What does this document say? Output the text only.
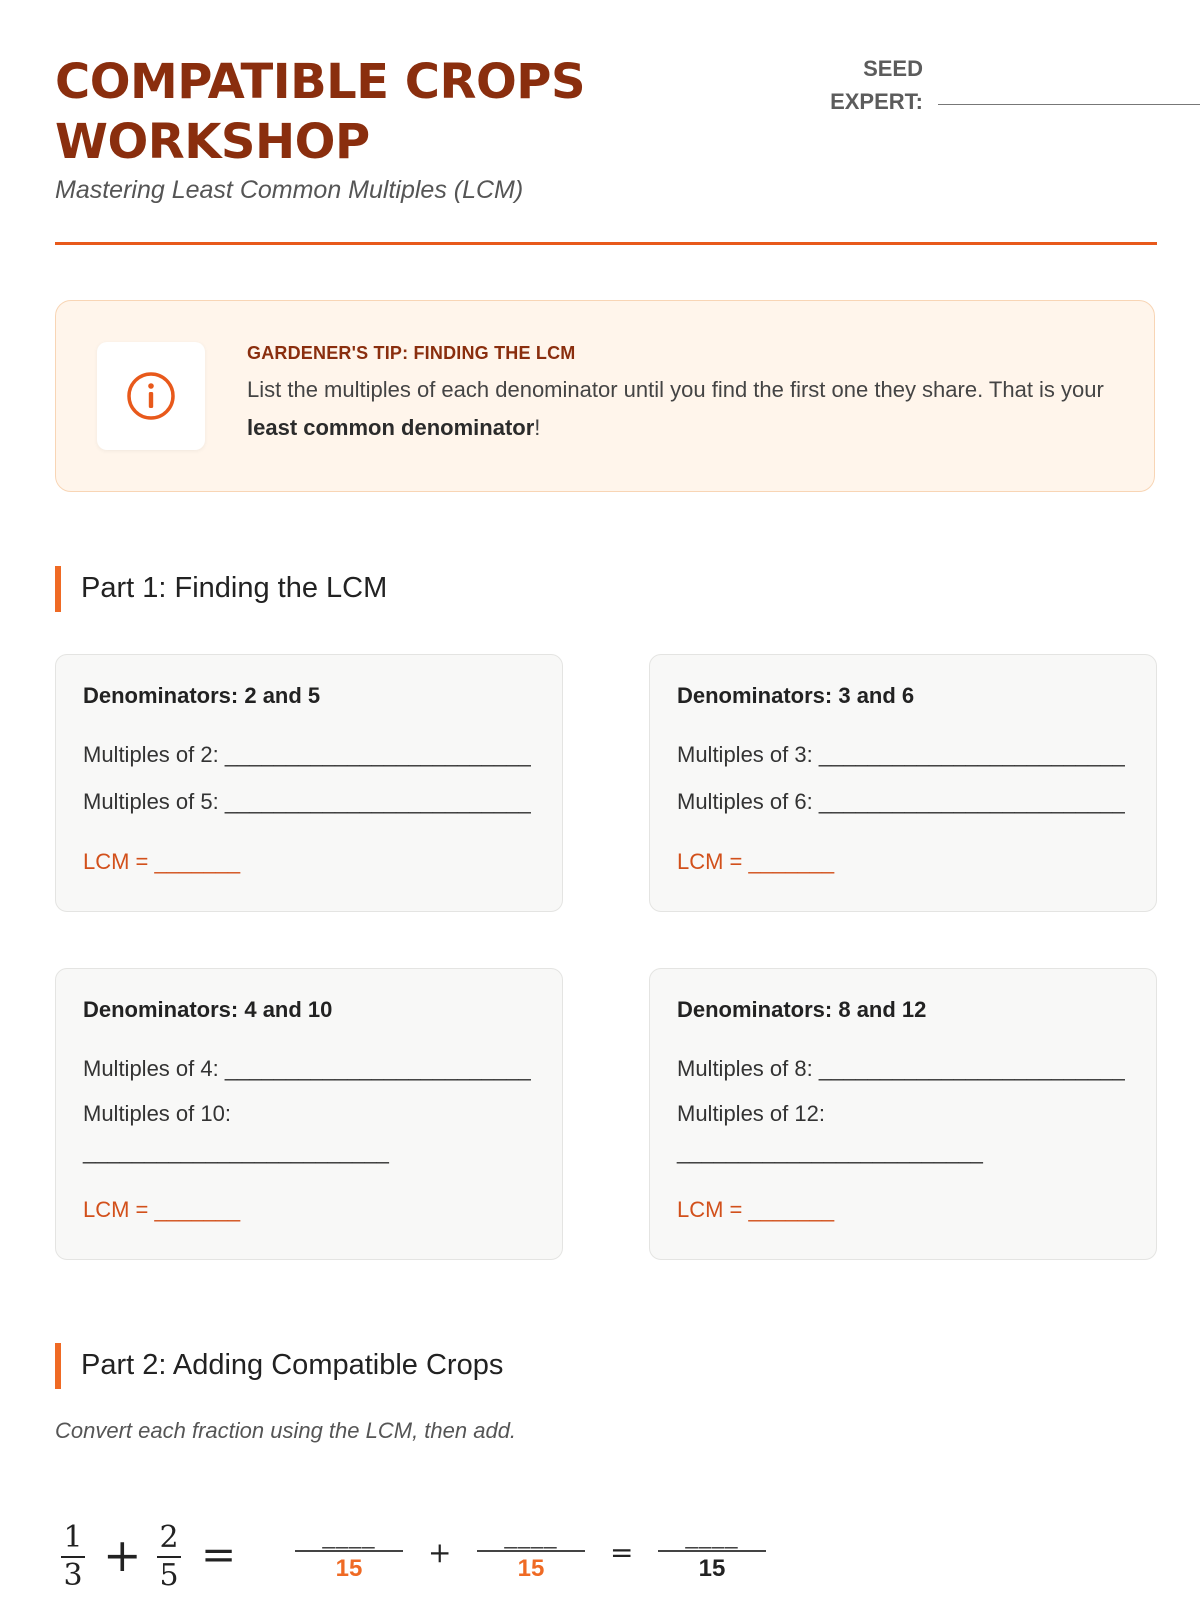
COMPATIBLE CROPS
WORKSHOP
Mastering Least Common Multiples (LCM)
SEED
EXPERT:
GARDENER'S TIP: FINDING THE LCM
List the multiples of each denominator until you find the first one they share. That is your least common denominator!
Part 1: Finding the LCM
Denominators: 2 and 5
Multiples of 2: _________________________
Multiples of 5: _________________________
LCM = _______
Denominators: 3 and 6
Multiples of 3: _________________________
Multiples of 6: _________________________
LCM = _______
Denominators: 4 and 10
Multiples of 4: _________________________
Multiples of 10:
_________________________
LCM = _______
Denominators: 8 and 12
Multiples of 8: _________________________
Multiples of 12:
_________________________
LCM = _______
Part 2: Adding Compatible Crops
Convert each fraction using the LCM, then add.
1
3 + 2
5 =	____
15	+	____
15	=	____
15
